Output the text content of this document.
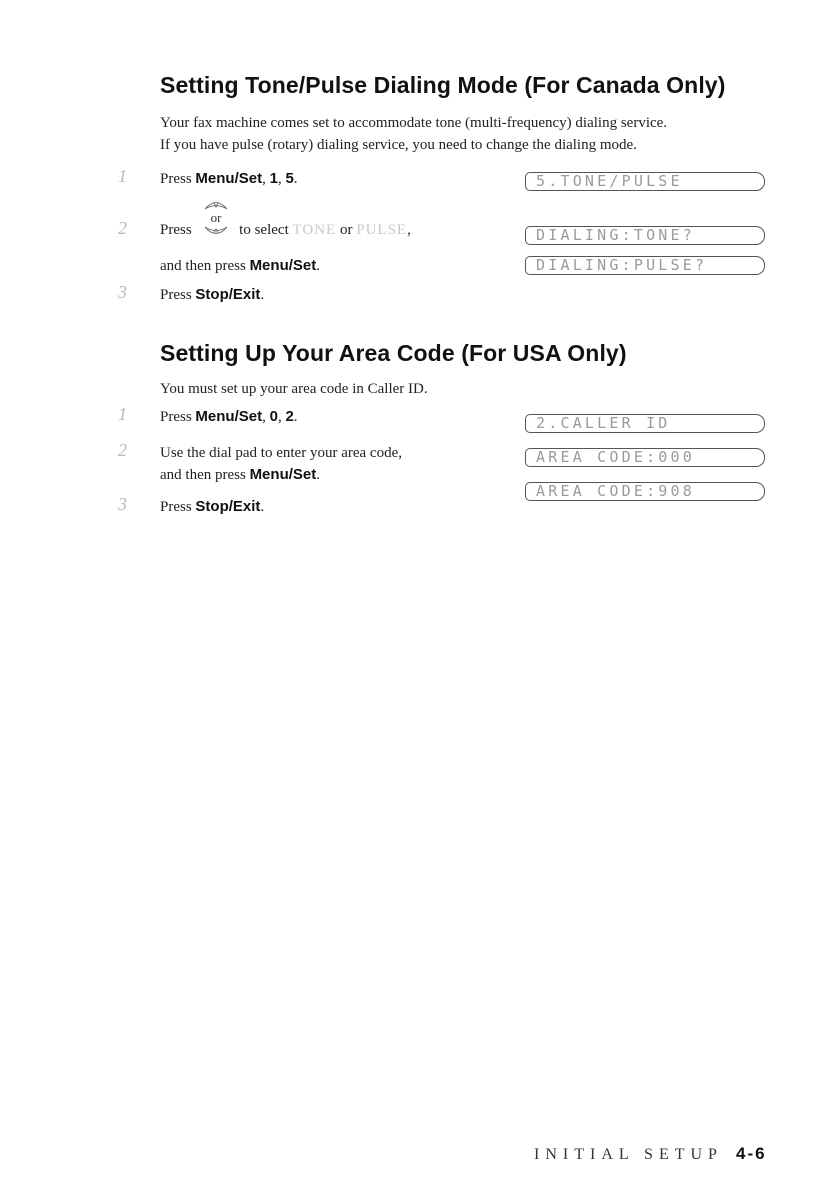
Setting Tone/Pulse Dialing Mode (For Canada Only)
Your fax machine comes set to accommodate tone (multi-frequency) dialing service.
If you have pulse (rotary) dialing service, you need to change the dialing mode.
1 Press Menu/Set, 1, 5.
2 Press	to select TONE or PULSE,
or
and then press Menu/Set.
3 Press Stop/Exit.
5.TONE/PULSE
DIALING:TONE?
DIALING:PULSE?
Setting Up Your Area Code (For USA Only)
You must set up your area code in Caller ID.
1 Press Menu/Set, 0, 2.
2 Use the dial pad to enter your area code,
and then press Menu/Set.
3 Press Stop/Exit.
2.CALLER ID
AREA CODE:000
AREA CODE:908
INITIAL SETUP 4-6
